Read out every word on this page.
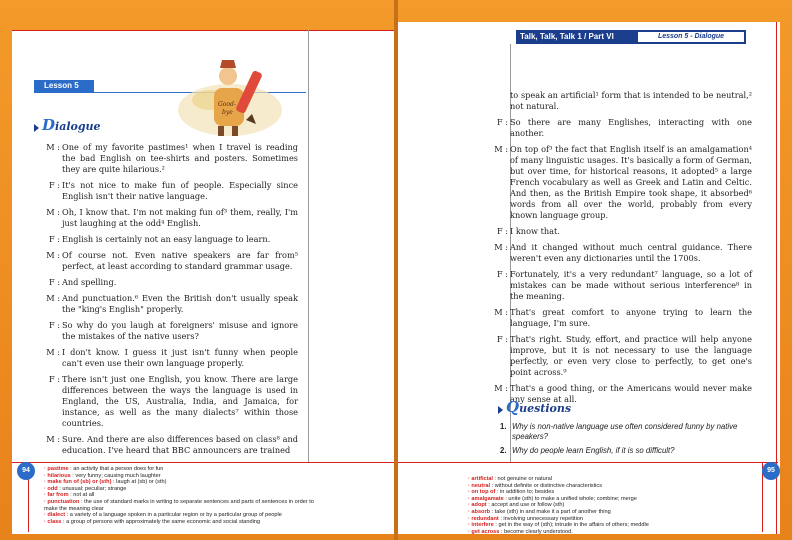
Lesson 5
Good-
bye
Dialogue
M : One of my favorite pastimes¹ when I travel is reading the bad English on tee-shirts and posters. Sometimes they are quite hilarious.²
F : It's not nice to make fun of people. Especially since English isn't their native language.
M : Oh, I know that. I'm not making fun of³ them, really, I'm just laughing at the odd⁴ English.
F : English is certainly not an easy language to learn.
M : Of course not. Even native speakers are far from⁵ perfect, at least according to standard grammar usage.
F : And spelling.
M : And punctuation.⁶ Even the British don't usually speak the "king's English" properly.
F : So why do you laugh at foreigners' misuse and ignore the mistakes of the native users?
M : I don't know. I guess it just isn't funny when people can't even use their own language properly.
F : There isn't just one English, you know. There are large differences between the ways the language is used in England, the US, Australia, India, and Jamaica, for instance, as well as the many dialects⁷ within those countries.
M : Sure. And there are also differences based on class⁸ and education. I've heard that BBC announcers are trained
94	· pastime : an activity that a person does for fun
· hilarious : very funny; causing much laughter
· make fun of (sb) or (sth) : laugh at (sb) or (sth)
· odd : unusual; peculiar; strange
· far from : not at all
· punctuation : the use of standard marks in writing to separate sentences and parts of sentences in order to make the meaning clear
· dialect : a variety of a language spoken in a particular region or by a particular group of people
· class : a group of persons with approximately the same economic and social standing
Talk, Talk, Talk 1 / Part VI	Lesson 5 - Dialogue
to speak an artificial¹ form that is intended to be neutral,² not natural.
F : So there are many Englishes, interacting with one another.
M : On top of³ the fact that English itself is an amalgamation⁴ of many linguistic usages. It's basically a form of German, but over time, for historical reasons, it adopted⁵ a large French vocabulary as well as Greek and Latin and Celtic. And then, as the British Empire took shape, it absorbed⁶ words from all over the world, probably from every known language group.
F : I know that.
M : And it changed without much central guidance. There weren't even any dictionaries until the 1700s.
F : Fortunately, it's a very redundant⁷ language, so a lot of mistakes can be made without serious interference⁸ in the meaning.
M : That's great comfort to anyone trying to learn the language, I'm sure.
F : That's right. Study, effort, and practice will help anyone improve, but it is not necessary to use the language perfectly, or even very close to perfectly, to get one's point across.⁹
M : That's a good thing, or the Americans would never make any sense at all.
Questions
1. Why is non-native language use often considered funny by native speakers?
2. Why do people learn English, if it is so difficult?
95
· artificial : not genuine or natural
· neutral : without definite or distinctive characteristics
· on top of : in addition to; besides
· amalgamate : unite (sth) to make a unified whole; combine; merge
· adopt : accept and use or follow (sth)
· absorb : take (sth) in and make it a part of another thing
· redundant : involving unnecessary repetition
· interfere : get in the way of (sth); intrude in the affairs of others; meddle
· get across : become clearly understood.
